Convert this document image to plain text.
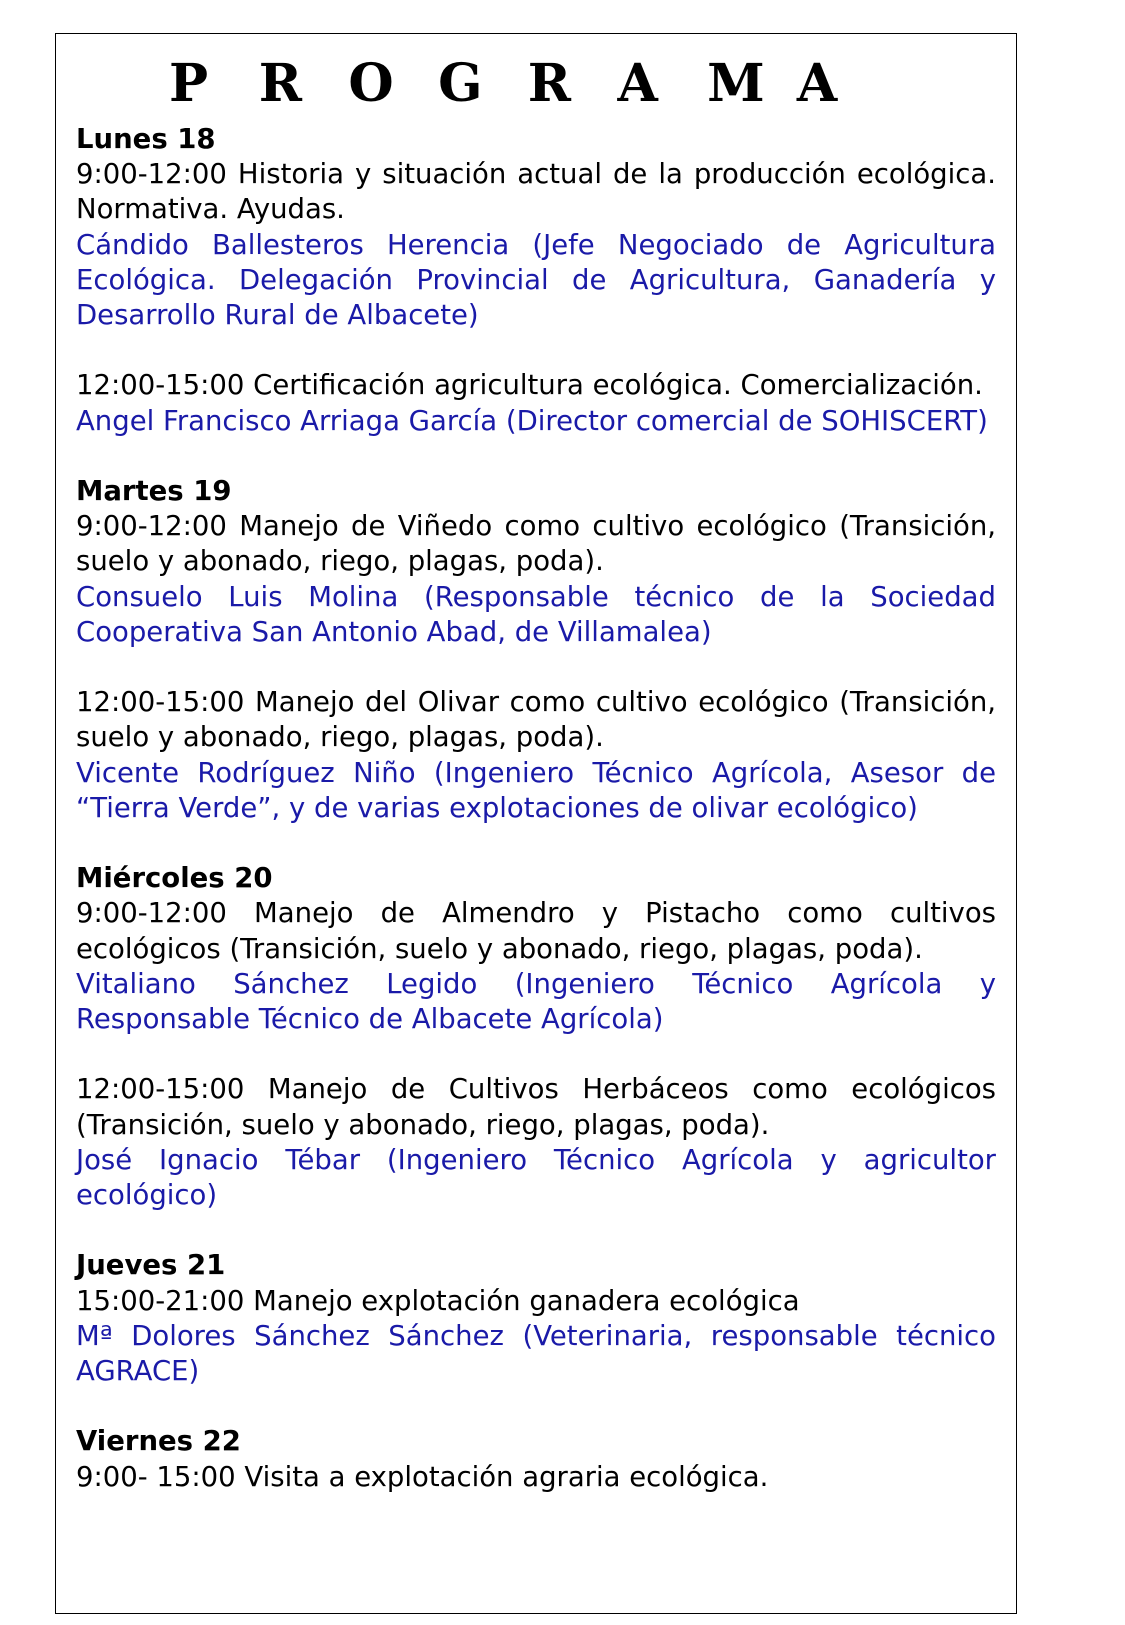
P R O G R A M A

Lunes 18

9:00-12:00 Historia y situación actual de la producción ecológica. Normativa. Ayudas.

Cándido Ballesteros Herencia (Jefe Negociado de Agricultura Ecológica. Delegación Provincial de Agricultura, Ganadería y Desarrollo Rural de Albacete)

12:00-15:00 Certificación agricultura ecológica. Comercialización.

Angel Francisco Arriaga García (Director comercial de SOHISCERT)

Martes 19

9:00-12:00 Manejo de Viñedo como cultivo ecológico (Transición, suelo y abonado, riego, plagas, poda).

Consuelo Luis Molina (Responsable técnico de la Sociedad Cooperativa San Antonio Abad, de Villamalea)

12:00-15:00 Manejo del Olivar como cultivo ecológico (Transición, suelo y abonado, riego, plagas, poda).

Vicente Rodríguez Niño (Ingeniero Técnico Agrícola, Asesor de “Tierra Verde”, y de varias explotaciones de olivar ecológico)

Miércoles 20

9:00-12:00 Manejo de Almendro y Pistacho como cultivos ecológicos (Transición, suelo y abonado, riego, plagas, poda).

Vitaliano Sánchez Legido (Ingeniero Técnico Agrícola y Responsable Técnico de Albacete Agrícola)

12:00-15:00 Manejo de Cultivos Herbáceos como ecológicos (Transición, suelo y abonado, riego, plagas, poda).

José Ignacio Tébar (Ingeniero Técnico Agrícola y agricultor ecológico)

Jueves 21

15:00-21:00 Manejo explotación ganadera ecológica

Mª Dolores Sánchez Sánchez (Veterinaria, responsable técnico AGRACE)

Viernes 22

9:00- 15:00 Visita a explotación agraria ecológica.
